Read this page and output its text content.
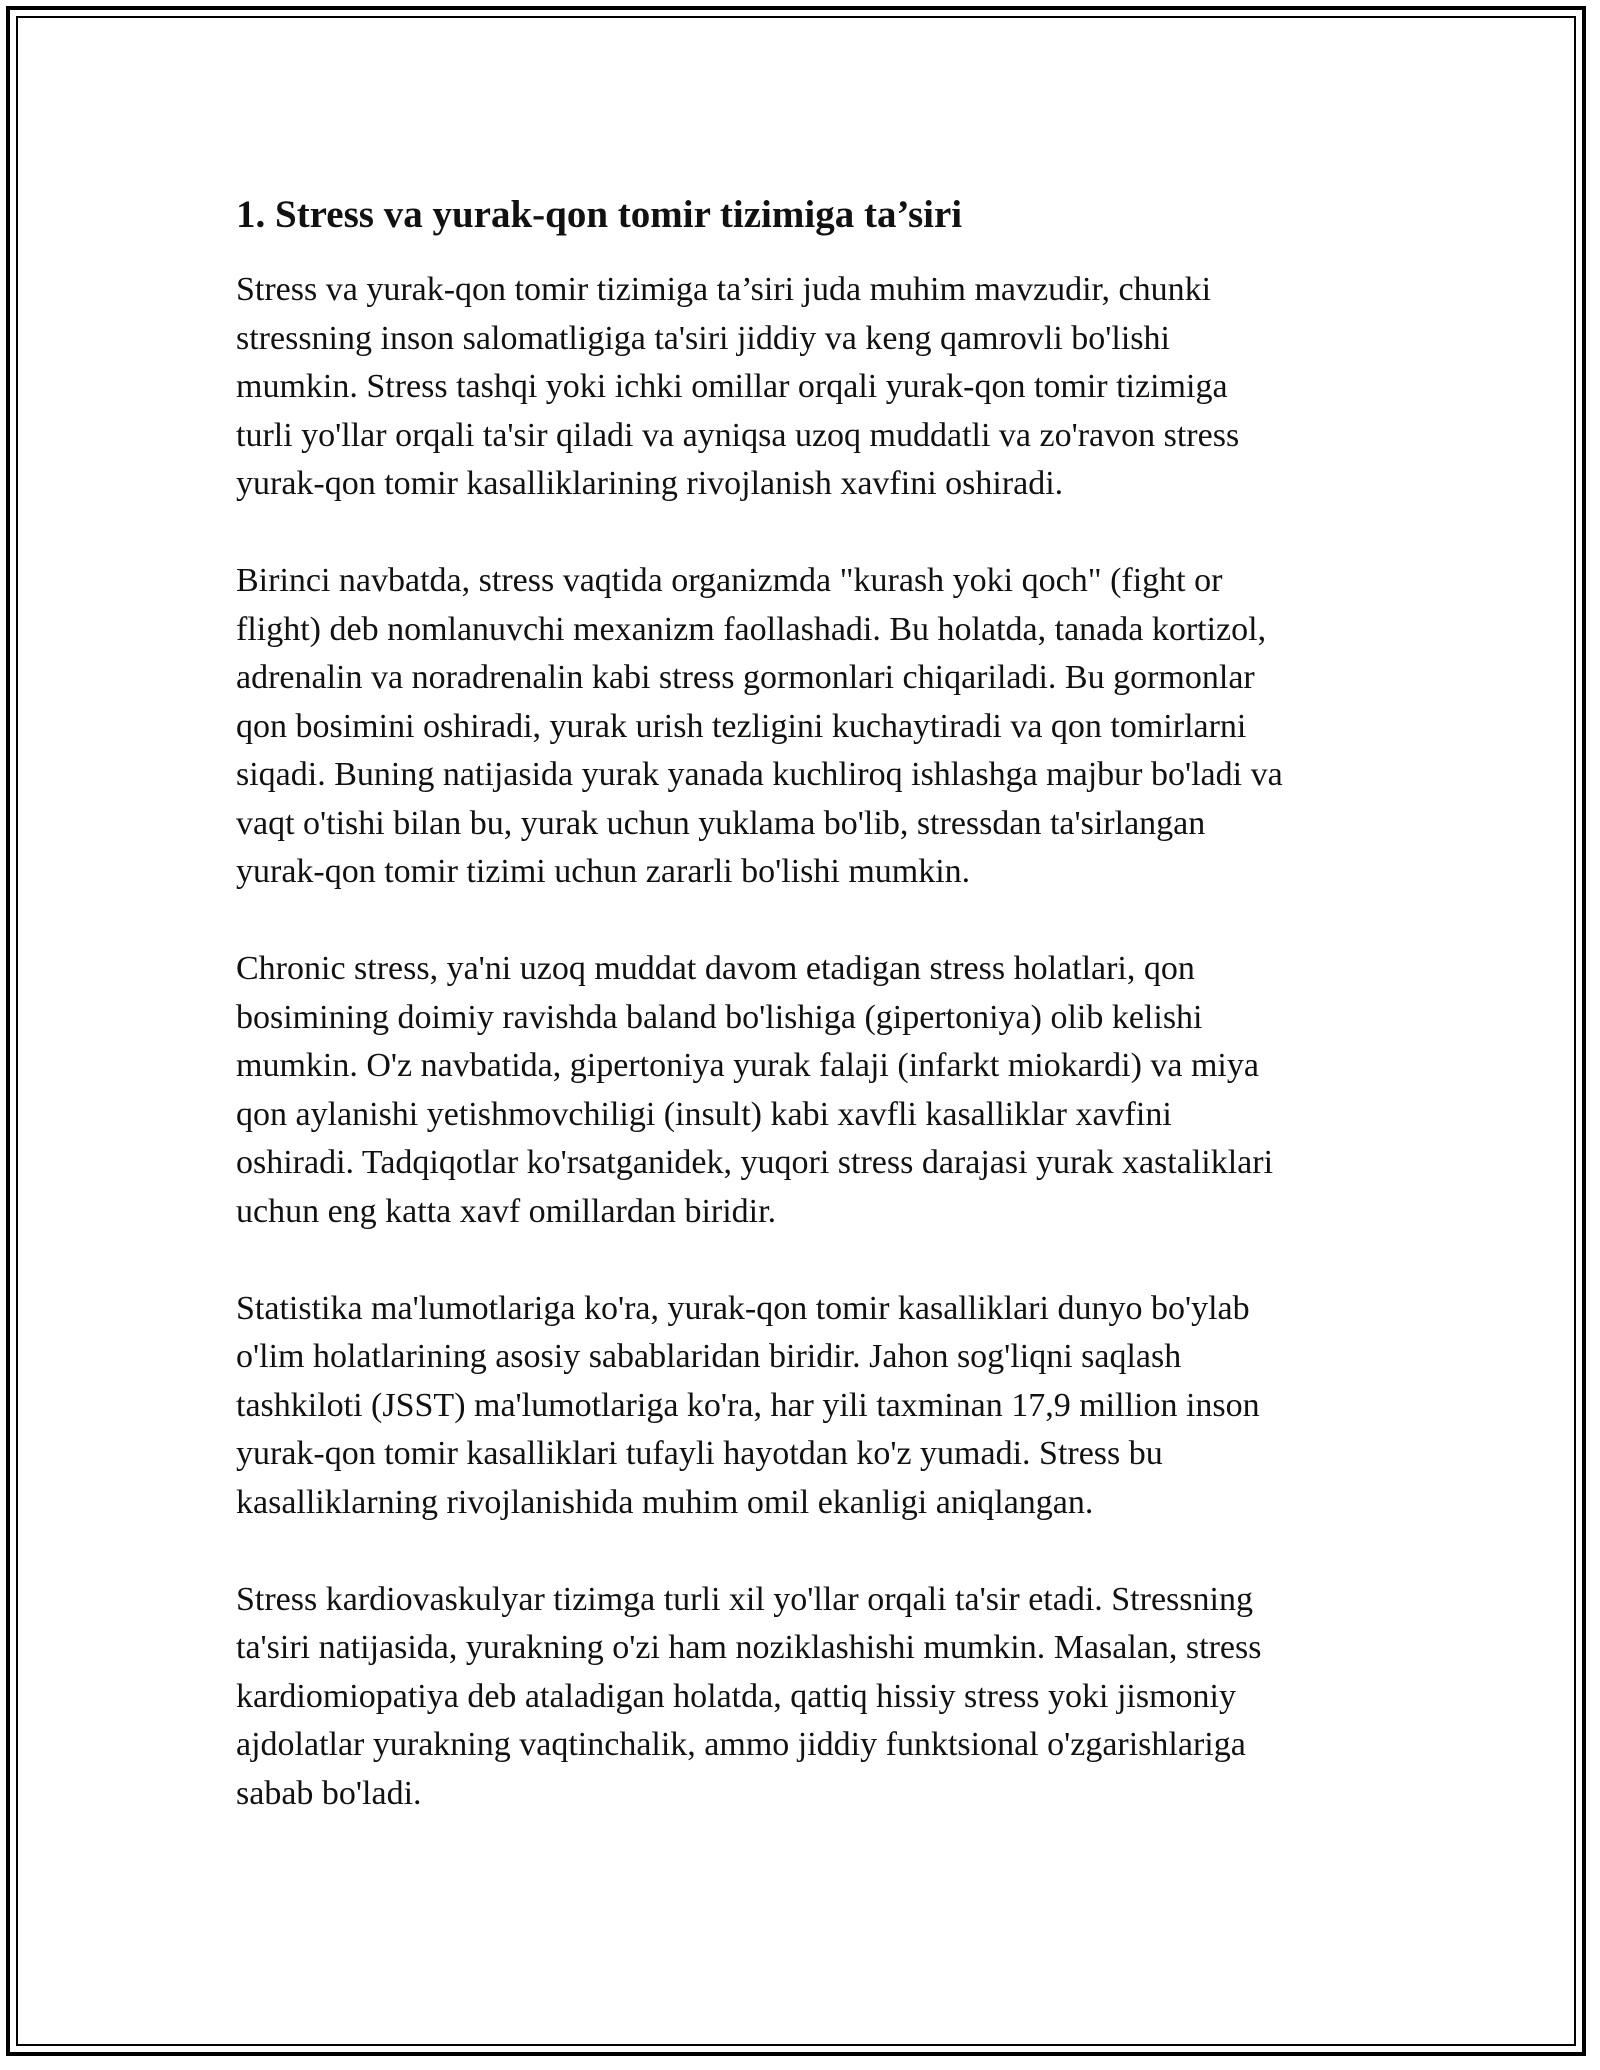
1. Stress va yurak-qon tomir tizimiga ta’siri

Stress va yurak-qon tomir tizimiga ta’siri juda muhim mavzudir, chunki
stressning inson salomatligiga ta'siri jiddiy va keng qamrovli bo'lishi
mumkin. Stress tashqi yoki ichki omillar orqali yurak-qon tomir tizimiga
turli yo'llar orqali ta'sir qiladi va ayniqsa uzoq muddatli va zo'ravon stress
yurak-qon tomir kasalliklarining rivojlanish xavfini oshiradi.

Birinci navbatda, stress vaqtida organizmda "kurash yoki qoch" (fight or
flight) deb nomlanuvchi mexanizm faollashadi. Bu holatda, tanada kortizol,
adrenalin va noradrenalin kabi stress gormonlari chiqariladi. Bu gormonlar
qon bosimini oshiradi, yurak urish tezligini kuchaytiradi va qon tomirlarni
siqadi. Buning natijasida yurak yanada kuchliroq ishlashga majbur bo'ladi va
vaqt o'tishi bilan bu, yurak uchun yuklama bo'lib, stressdan ta'sirlangan
yurak-qon tomir tizimi uchun zararli bo'lishi mumkin.

Chronic stress, ya'ni uzoq muddat davom etadigan stress holatlari, qon
bosimining doimiy ravishda baland bo'lishiga (gipertoniya) olib kelishi
mumkin. O'z navbatida, gipertoniya yurak falaji (infarkt miokardi) va miya
qon aylanishi yetishmovchiligi (insult) kabi xavfli kasalliklar xavfini
oshiradi. Tadqiqotlar ko'rsatganidek, yuqori stress darajasi yurak xastaliklari
uchun eng katta xavf omillardan biridir.

Statistika ma'lumotlariga ko'ra, yurak-qon tomir kasalliklari dunyo bo'ylab
o'lim holatlarining asosiy sabablaridan biridir. Jahon sog'liqni saqlash
tashkiloti (JSST) ma'lumotlariga ko'ra, har yili taxminan 17,9 million inson
yurak-qon tomir kasalliklari tufayli hayotdan ko'z yumadi. Stress bu
kasalliklarning rivojlanishida muhim omil ekanligi aniqlangan.

Stress kardiovaskulyar tizimga turli xil yo'llar orqali ta'sir etadi. Stressning
ta'siri natijasida, yurakning o'zi ham noziklashishi mumkin. Masalan, stress
kardiomiopatiya deb ataladigan holatda, qattiq hissiy stress yoki jismoniy
ajdolatlar yurakning vaqtinchalik, ammo jiddiy funktsional o'zgarishlariga
sabab bo'ladi.
